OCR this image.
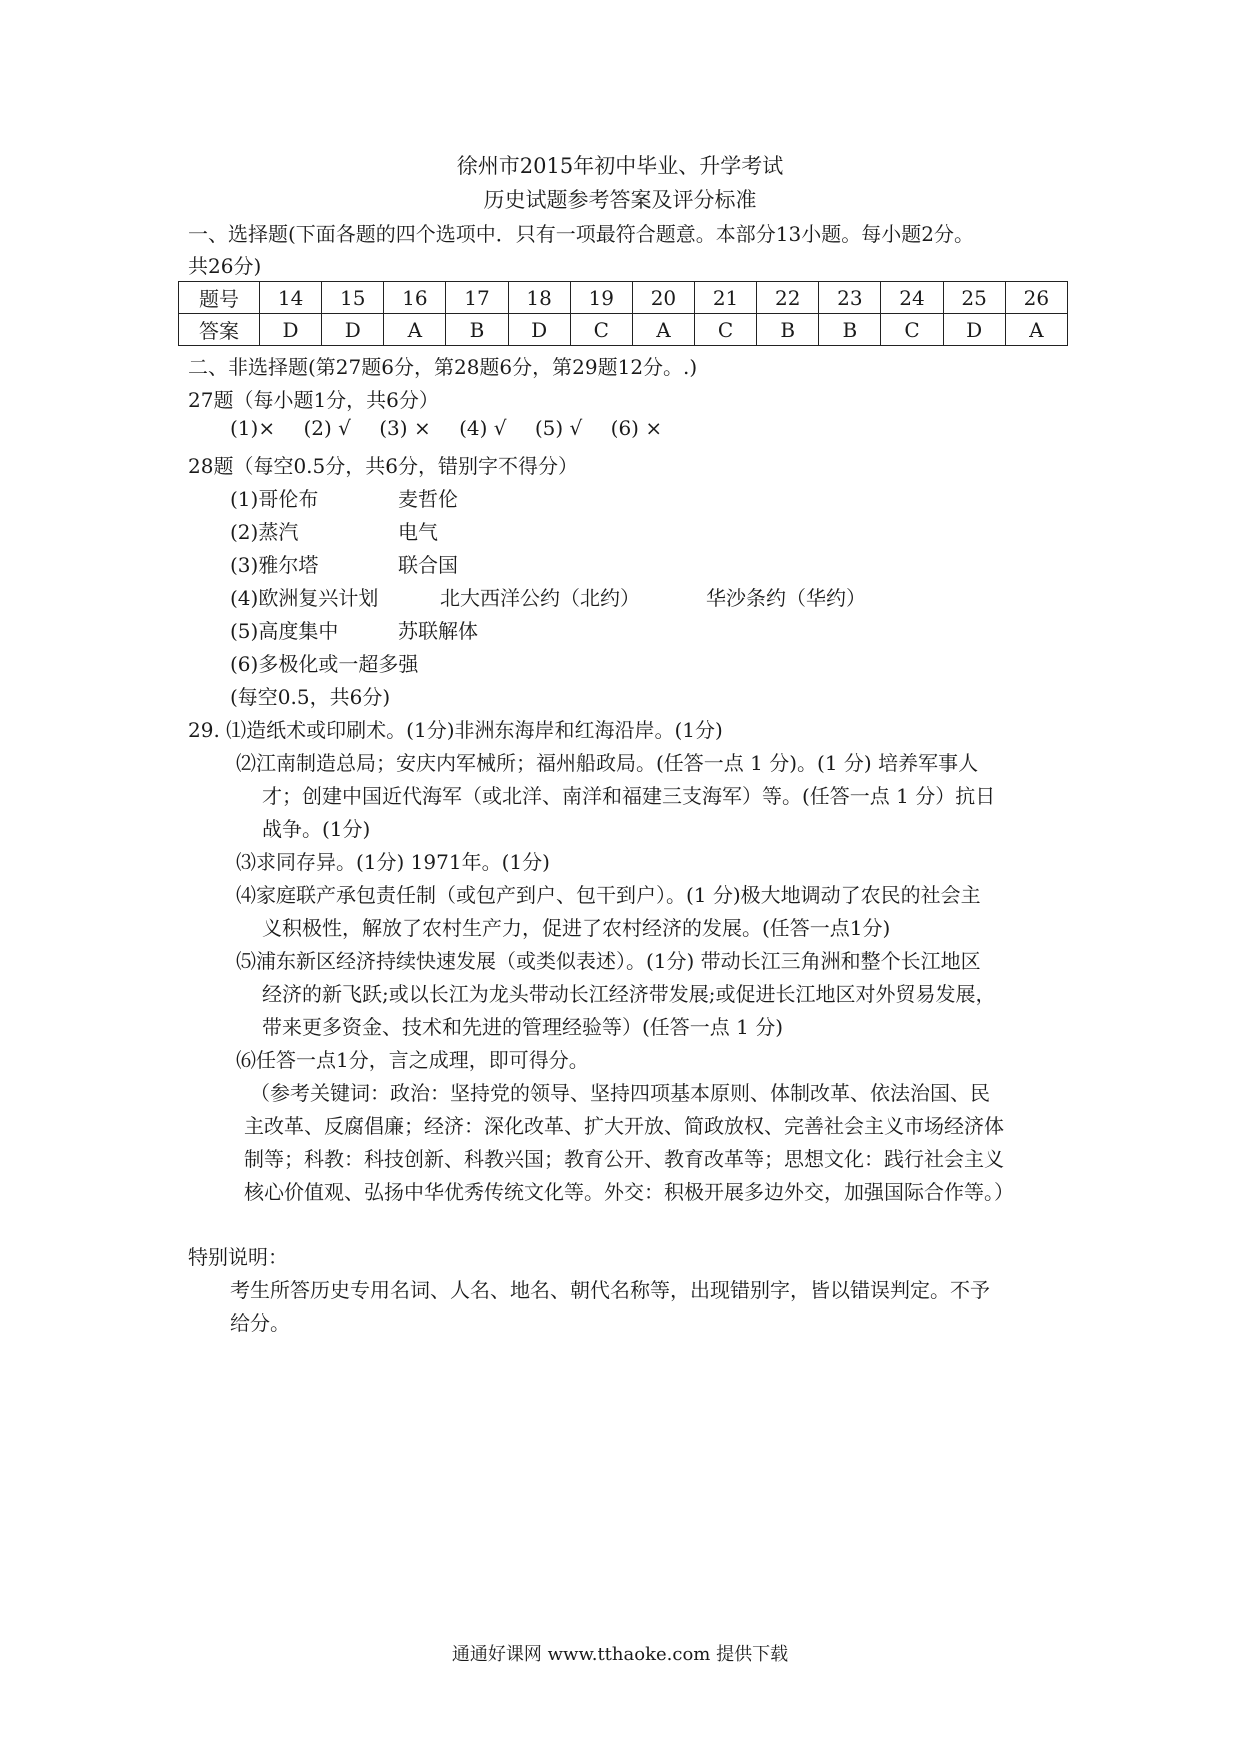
徐州市2015年初中毕业、升学考试
历史试题参考答案及评分标准
一、选择题(下面各题的四个选项中．只有一项最符合题意。本部分13小题。每小题2分。
共26分)
题号	14	15	16	17	18	19	20	21	22	23	24	25	26
答案	D	D	A	B	D	C	A	C	B	B	C	D	A
二、非选择题(第27题6分，第28题6分，第29题12分。.)
27题（每小题1分，共6分）
(1)× (2) √ (3) × (4) √ (5) √ (6) ×
28题（每空0.5分，共6分，错别字不得分）
(1)哥伦布	麦哲伦
(2)蒸汽	电气
(3)雅尔塔	联合国
(4)欧洲复兴计划	北大西洋公约（北约）	华沙条约（华约）
(5)高度集中	苏联解体
(6)多极化或一超多强
(每空0.5，共6分)
29. ⑴造纸术或印刷术。(1分)非洲东海岸和红海沿岸。(1分)
⑵江南制造总局；安庆内军械所；福州船政局。(任答一点 1 分)。(1 分) 培养军事人
才；创建中国近代海军（或北洋、南洋和福建三支海军）等。(任答一点 1 分）抗日
战争。(1分)
⑶求同存异。(1分) 1971年。(1分)
⑷家庭联产承包责任制（或包产到户、包干到户）。(1 分)极大地调动了农民的社会主
义积极性，解放了农村生产力，促进了农村经济的发展。(任答一点1分)
⑸浦东新区经济持续快速发展（或类似表述）。(1分) 带动长江三角洲和整个长江地区
经济的新飞跃;或以长江为龙头带动长江经济带发展;或促进长江地区对外贸易发展，
带来更多资金、技术和先进的管理经验等）(任答一点 1 分)
⑹任答一点1分，言之成理，即可得分。
（参考关键词：政治：坚持党的领导、坚持四项基本原则、体制改革、依法治国、民
主改革、反腐倡廉；经济：深化改革、扩大开放、简政放权、完善社会主义市场经济体
制等；科教：科技创新、科教兴国；教育公开、教育改革等；思想文化：践行社会主义
核心价值观、弘扬中华优秀传统文化等。外交：积极开展多边外交，加强国际合作等。）
特别说明：
考生所答历史专用名词、人名、地名、朝代名称等，出现错别字，皆以错误判定。不予
给分。
通通好课网 www.tthaoke.com 提供下载
